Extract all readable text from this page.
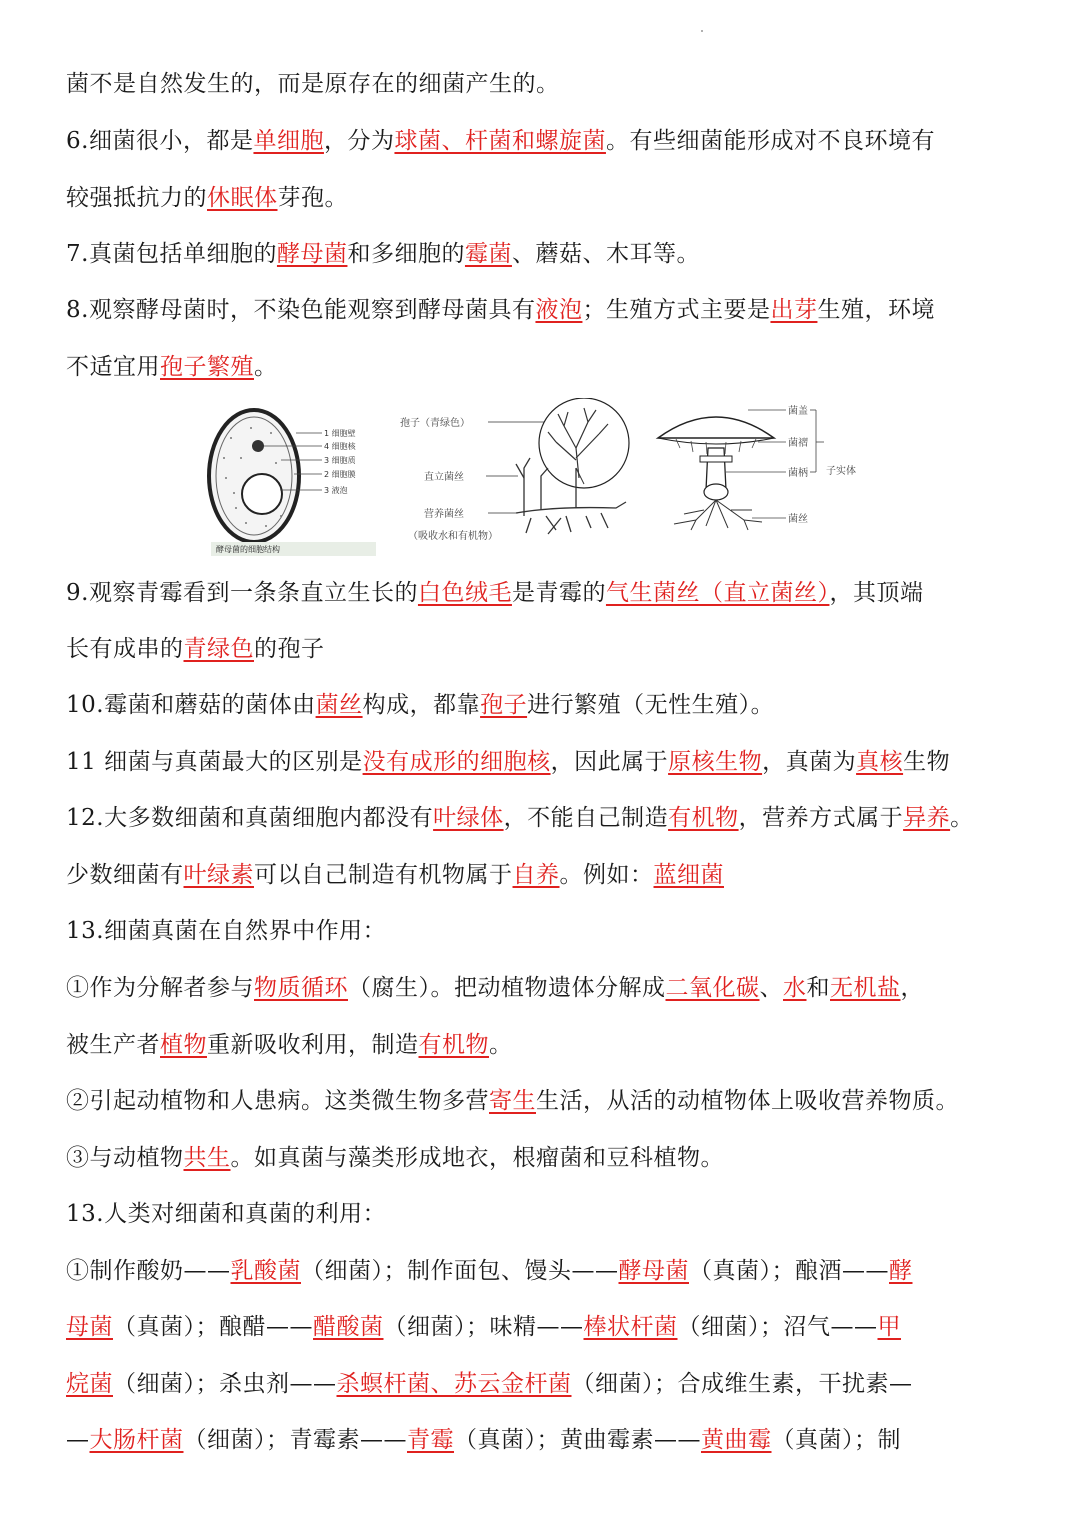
菌不是自然发生的，而是原存在的细菌产生的。
6.细菌很小，都是单细胞，分为球菌、杆菌和螺旋菌。有些细菌能形成对不良环境有
较强抵抗力的休眠体芽孢。
7.真菌包括单细胞的酵母菌和多细胞的霉菌、蘑菇、木耳等。
8.观察酵母菌时，不染色能观察到酵母菌具有液泡；生殖方式主要是出芽生殖，环境
不适宜用孢子繁殖。
9.观察青霉看到一条条直立生长的白色绒毛是青霉的气生菌丝（直立菌丝），其顶端
长有成串的青绿色的孢子
10.霉菌和蘑菇的菌体由菌丝构成，都靠孢子进行繁殖（无性生殖）。
11 细菌与真菌最大的区别是没有成形的细胞核，因此属于原核生物，真菌为真核生物
12.大多数细菌和真菌细胞内都没有叶绿体，不能自己制造有机物，营养方式属于异养。
少数细菌有叶绿素可以自己制造有机物属于自养。例如：蓝细菌
13.细菌真菌在自然界中作用：
①作为分解者参与物质循环（腐生）。把动植物遗体分解成二氧化碳、水和无机盐，
被生产者植物重新吸收利用，制造有机物。
②引起动植物和人患病。这类微生物多营寄生生活，从活的动植物体上吸收营养物质。
③与动植物共生。如真菌与藻类形成地衣，根瘤菌和豆科植物。
13.人类对细菌和真菌的利用：
①制作酸奶——乳酸菌（细菌）；制作面包、馒头——酵母菌（真菌）；酿酒——酵
母菌（真菌）；酿醋——醋酸菌（细菌）；味精——棒状杆菌（细菌）；沼气——甲
烷菌（细菌）；杀虫剂——杀螟杆菌、苏云金杆菌（细菌）；合成维生素，干扰素—
—大肠杆菌（细菌）；青霉素——青霉（真菌）；黄曲霉素——黄曲霉（真菌）；制
1 细胞壁
4 细胞核
3 细胞质
2 细胞膜
3 液泡
酵母菌的细胞结构
孢子（青绿色）
直立菌丝
营养菌丝
（吸收水和有机物）
菌盖
菌褶
菌柄
菌丝
子实体
